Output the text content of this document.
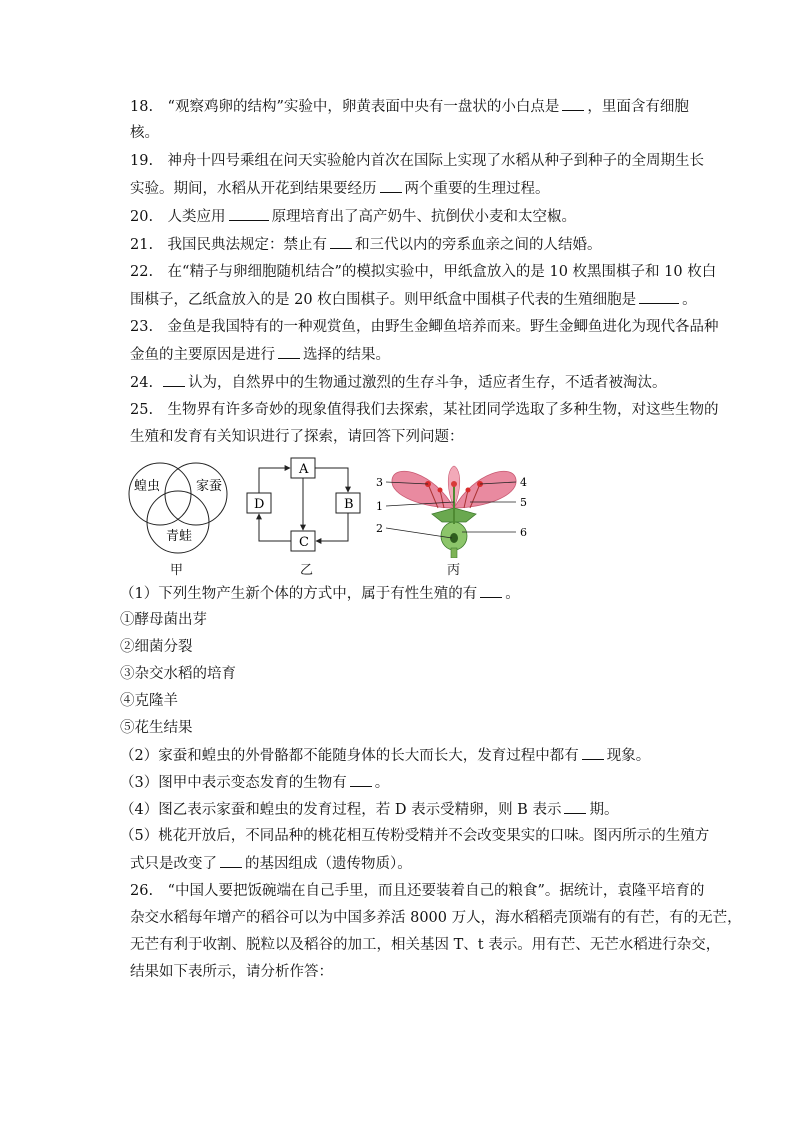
18.　“观察鸡卵的结构”实验中，卵黄表面中央有一盘状的小白点是 ，里面含有细胞
核。
19.　神舟十四号乘组在问天实验舱内首次在国际上实现了水稻从种子到种子的全周期生长
实验。期间，水稻从开花到结果要经历 两个重要的生理过程。
20.　人类应用	原理培育出了高产奶牛、抗倒伏小麦和太空椒。
21.　我国民典法规定：禁止有 和三代以内的旁系血亲之间的人结婚。
22.　在“精子与卵细胞随机结合”的模拟实验中，甲纸盒放入的是 10 枚黑围棋子和 10 枚白
围棋子，乙纸盒放入的是 20 枚白围棋子。则甲纸盒中围棋子代表的生殖细胞是	。
23.　金鱼是我国特有的一种观赏鱼，由野生金鲫鱼培养而来。野生金鲫鱼进化为现代各品种
金鱼的主要原因是进行 选择的结果。
24. 认为，自然界中的生物通过激烈的生存斗争，适应者生存，不适者被淘汰。
25.　生物界有许多奇妙的现象值得我们去探索，某社团同学选取了多种生物，对这些生物的
生殖和发育有关知识进行了探索，请回答下列问题：
蝗虫	家蚕
青蛙
甲
A
B
C
D
乙
3
1
2
4
5
6
丙
（1）下列生物产生新个体的方式中，属于有性生殖的有 。
①酵母菌出芽
②细菌分裂
③杂交水稻的培育
④克隆羊
⑤花生结果
（2）家蚕和蝗虫的外骨骼都不能随身体的长大而长大，发育过程中都有 现象。
（3）图甲中表示变态发育的生物有 。
（4）图乙表示家蚕和蝗虫的发育过程，若 D 表示受精卵，则 B 表示 期。
（5）桃花开放后，不同品种的桃花相互传粉受精并不会改变果实的口味。图丙所示的生殖方
式只是改变了 的基因组成（遗传物质）。
26.　“中国人要把饭碗端在自己手里，而且还要装着自己的粮食”。据统计，袁隆平培育的
杂交水稻每年增产的稻谷可以为中国多养活 8000 万人，海水稻稻壳顶端有的有芒，有的无芒，
无芒有利于收割、脱粒以及稻谷的加工，相关基因 T、t 表示。用有芒、无芒水稻进行杂交，
结果如下表所示，请分析作答：
